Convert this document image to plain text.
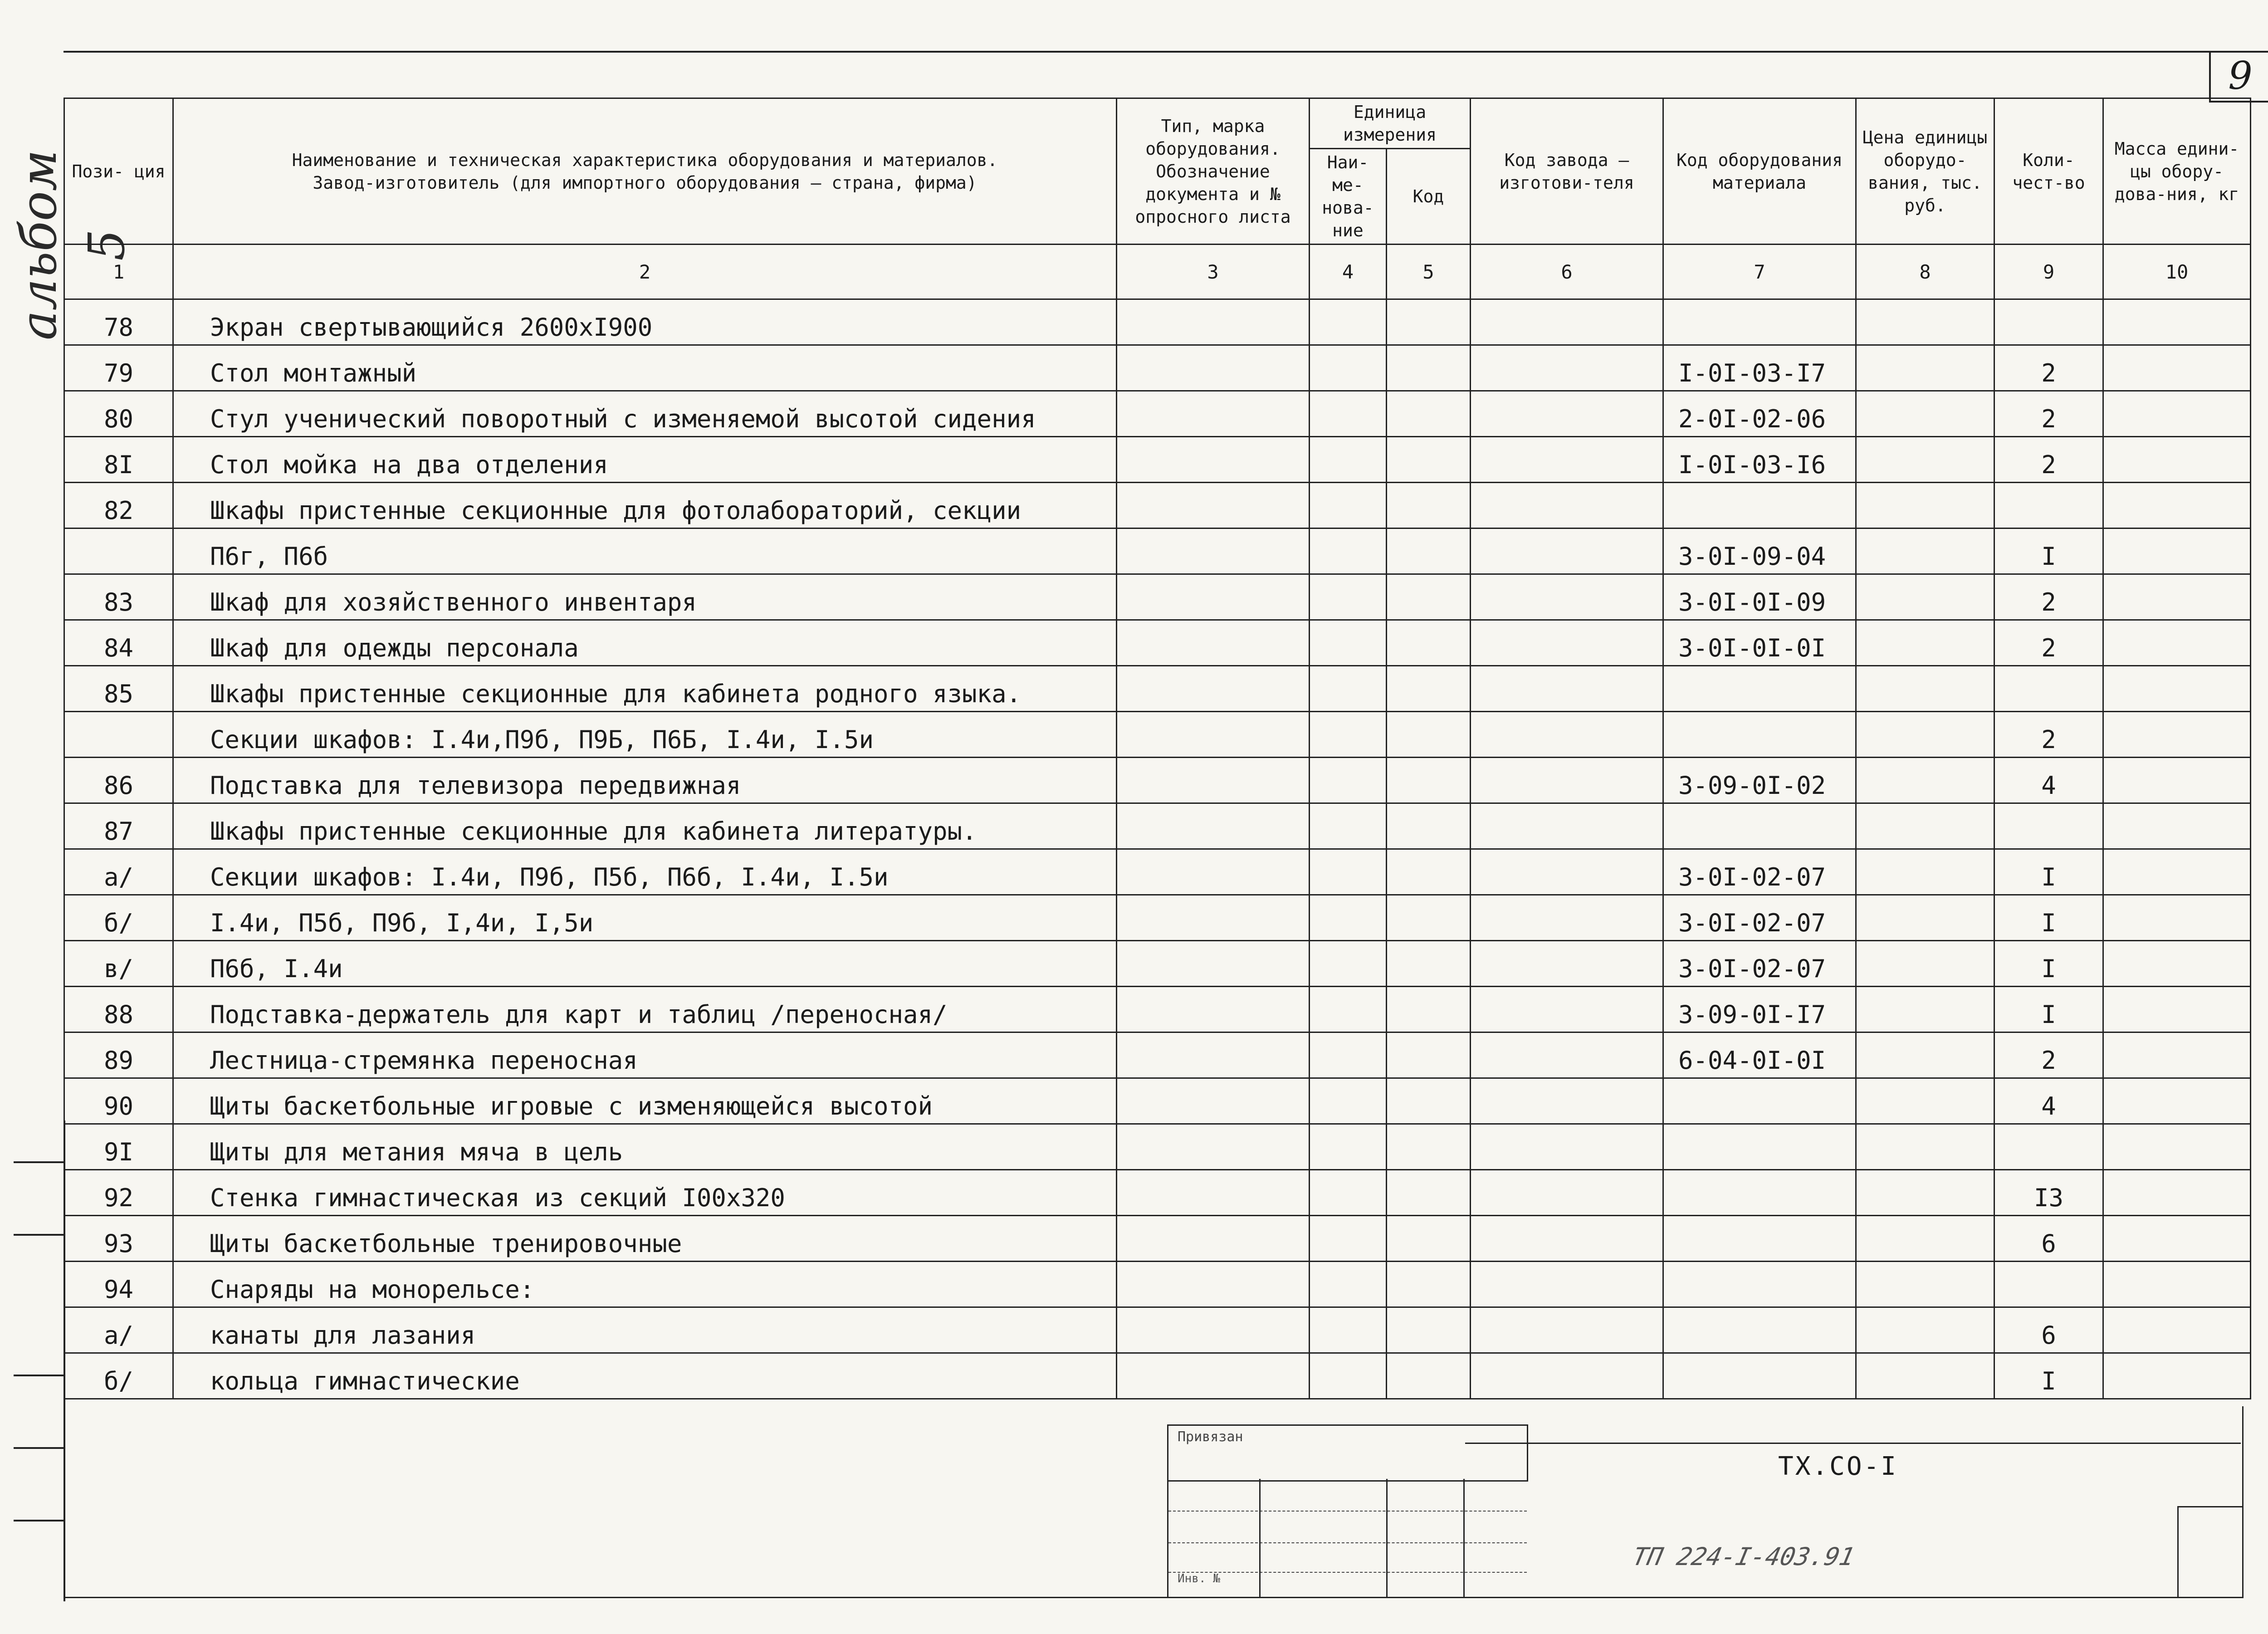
альбом 5
9
Пози- ция	Наименование и техническая характеристика оборудования и материалов.
Завод-изготовитель (для импортного оборудования – страна, фирма)	Тип, марка оборудования. Обозначение документа и № опросного листа	Единица измерения		Код завода – изготови-теля	Код оборудования материала	Цена единицы оборудо-вания, тыс. руб.	Коли-чест-во	Масса едини-цы обору-дова-ния, кг
			Наи-ме-нова-ние	Код					
1	2	3	4	5	6	7	8	9	10
78	Экран свертывающийся 2600хI900								
79	Стол монтажный					I-0I-03-I7		2	
80	Стул ученический поворотный с изменяемой высотой сидения					2-0I-02-06		2	
8I	Стол мойка на два отделения					I-0I-03-I6		2	
82	Шкафы пристенные секционные для фотолабораторий, секции								
	П6г, П6б					3-0I-09-04		I	
83	Шкаф для хозяйственного инвентаря					3-0I-0I-09		2	
84	Шкаф для одежды персонала					3-0I-0I-0I		2	
85	Шкафы пристенные секционные для кабинета родного языка.								
	Секции шкафов: I.4и,П9б, П9Б, П6Б, I.4и, I.5и							2	
86	Подставка для телевизора передвижная					3-09-0I-02		4	
87	Шкафы пристенные секционные для кабинета литературы.								
а/	Секции шкафов: I.4и, П9б, П5б, П6б, I.4и, I.5и					3-0I-02-07		I	
б/	I.4и, П5б, П9б, I,4и, I,5и					3-0I-02-07		I	
в/	П6б, I.4и					3-0I-02-07		I	
88	Подставка-держатель для карт и таблиц /переносная/					3-09-0I-I7		I	
89	Лестница-стремянка переносная					6-04-0I-0I		2	
90	Щиты баскетбольные игровые с изменяющейся высотой							4	
9I	Щиты для метания мяча в цель								
92	Стенка гимнастическая из секций I00х320							I3	
93	Щиты баскетбольные тренировочные							6	
94	Снаряды на монорельсе:								
а/	канаты для лазания							6	
б/	кольца гимнастические							I	
Привязан
Инв. №
ТХ.СО-I
ТП 224-I-403.91
